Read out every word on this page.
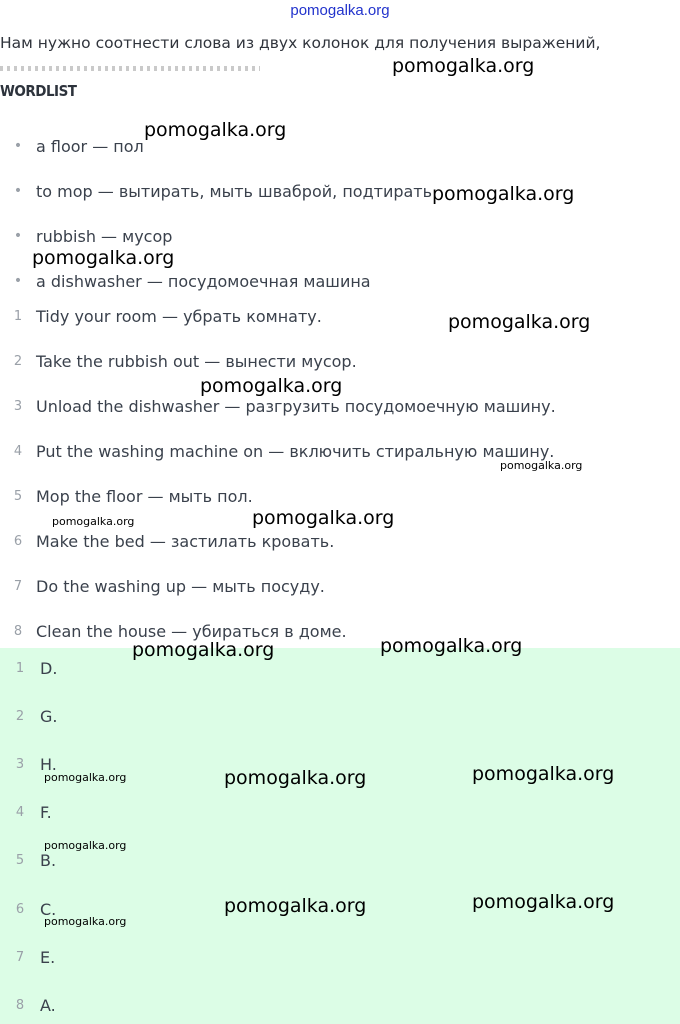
pomogalka.org
Нам нужно соотнести слова из двух колонок для получения выражений,
WORDLIST
• a floor — пол
• to mop — вытирать, мыть шваброй, подтирать
• rubbish — мусор
• a dishwasher — посудомоечная машина
1 Tidy your room — убрать комнату.
2 Take the rubbish out — вынести мусор.
3 Unload the dishwasher — разгрузить посудомоечную машину.
4 Put the washing machine on — включить стиральную машину.
5 Mop the floor — мыть пол.
6 Make the bed — застилать кровать.
7 Do the washing up — мыть посуду.
8 Clean the house — убираться в доме.
1 D.
2 G.
3 H.
4 F.
5 B.
6 C.
7 E.
8 A.
pomogalka.org
pomogalka.org
pomogalka.org
pomogalka.org
pomogalka.org
pomogalka.org
pomogalka.org
pomogalka.org
pomogalka.org
pomogalka.org	pomogalka.org
pomogalka.org	pomogalka.org	pomogalka.org
pomogalka.org
pomogalka.org	pomogalka.org
pomogalka.org
